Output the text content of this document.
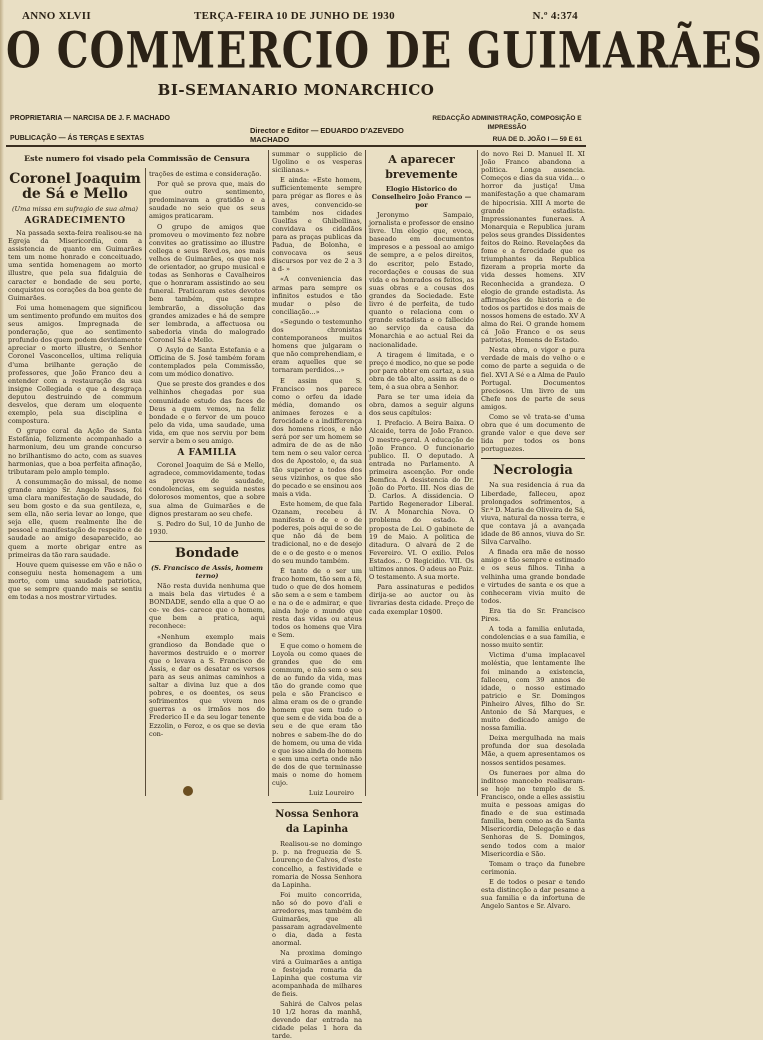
ANNO XLVII	TERÇA-FEIRA 10 DE JUNHO DE 1930	N.º 4:374
O COMMERCIO DE GUIMARÃES
BI-SEMANARIO MONARCHICO
PROPRIETARIA — NARCISA DE J. F. MACHADO
PUBLICAÇÃO — ÁS TERÇAS E SEXTAS
Director e Editor — EDUARDO D'AZEVEDO MACHADO
REDACÇÃO ADMINISTRAÇÃO, COMPOSIÇÃO E IMPRESSÃO
RUA DE D. JOÃO I — 59 E 61
Este numero foi visado pela Commissão de Censura
Coronel Joaquim de Sá e Mello
(Uma missa em sufragio de sua alma)
AGRADECIMENTO

Na passada sexta-feira realisou-se na Egreja da Misericordia, com a assistencia de quanto em Guimarães tem um nome honrado e conceituado, uma sentida homenagem ao morto illustre, que pela sua fidalguia de caracter e bondade de seu porte, conquistou os corações da boa gente de Guimarães.

Foi uma homenagem que significou um sentimento profundo em muitos dos seus amigos. Impregnada de ponderação, que ao sentimento profundo dos quem podem devidamente apreciar o morto illustre, o Senhor Coronel Vasconcellos, ultima reliquia d'uma brilhante geração de professores, que João Franco deu a entender com a restauração da sua insigne Collegiada e que a desgraça deputou destruindo de commum desvelos, que deram um eloquente exemplo, pela sua disciplina e compostura.

O grupo coral da Ação de Santa Estefânia, felizmente acompanhado a harmonium, deu um grande concurso no brilhantismo do acto, com as suaves harmonias, que a boa perfeita afinação, tributaram pelo amplo templo.

A consummação do missal, de nome grande amigo Sr. Angelo Passos, foi uma clara manifestação de saudade, do seu bom gosto e da sua gentileza, e, sem ella, não seria levar ao longe, que seja elle, quem realmente lhe de pessoal e manifestação de respeito e de saudade ao amigo desaparecido, ao quem a morte obrigar entre as primeiras da tão rara saudade.

Houve quem quisesse em vão e não o conseguiu nesta homenagem a um morto, com uma saudade patriotica, que se sempre quando mais se sentiu em todas a nos mostrar virtudes.

trações de estima e consideração.

Por quê se prova que, mais do que outro sentimento, predominavam a gratidão e a saudade no seio que os seus amigos praticaram.

O grupo de amigos que promoveu o movimento fez nobre convites ao gratissimo ao illustre collega e seus Revd.os, aos mais velhos de Guimarães, os que nos de orientador, ao grupo musical e todas as Senhoras e Cavalheiros que o honraram assistindo ao seu funeral. Praticaram estes devotos bem também, que sempre lembrarão, a dissolução das grandes amizades e há de sempre ser lembrada, a affectuosa ou sabedoria vinda do malogrado Coronel Sá e Mello.

O Asylo de Santa Estefania e a Officina de S. José também foram contemplados pela Commissão, com um módico donativo.

Que se preste dos grandes e dos velhinhos chegadas por sua comunidade estudo das faces de Deus a quem vemos, na feliz bondade e o fervor de um pouco pelo da vida, uma saudade, uma vida, em que nos serviu por bem servir a bem o seu amigo.

A FAMILIA

Coronel Joaquim de Sá e Mello, agradece, commovidamente, todas as provas de saudade, condolencias, em seguida nestes dolorosos momentos, que a sobre sua alma de Guimarães e de dignos prestaram ao seu chefe.

S. Pedro do Sul, 10 de Junho de 1930.

Bondade
(S. Francisco de Assis, homem terno)

Não resta duvida nenhuma que a mais bela das virtudes é a BONDADE, sendo ella a que O ao ce- ve des- carece que o homem, que bem a pratica, aqui reconhece:

«Nenhum exemplo mais grandioso da Bondade que o havermos destruido e o morrer que o levava a S. Francisco de Assis, e dar os desatar os versos para as seus animas caminhos a saltar a divina luz que a dos pobres, e os doentes, os seus sofrimentos que vivem nos guerras a os irmãos nos do Frederico II e da seu logar tenente Ezzolin, o Feroz, e os que se devia con-

summar o supplicio de Ugolino e os vesperas sicilianas.»

E ainda: «Este homem, sufficientemente sempre para prégar as flores e às aves, convencido-se também nos cidades Guelfas e Ghibellinas, convidava os cidadãos para as praças publicas da Padua, de Bolonha, e convocava os seus discursos por vez de 2 a 3 a d- »

«A conveniencia das armas para sempre os infinitos estudos e tão mudar o pêso de conciliação...»

«Segundo o testemunho dos chronistas contemporaneos muitos homens que julgaram o que não comprehendiam, e eram aquelles que se tornaram perdidos...»

E assim que S. Francisco nos parece como o orfeu da idade média, domando os animaes ferozes e a ferocidade e a indifferença dos homens ricos, e não será por ser um homem se admira de de as de não tem nem o seu valor cerca dos de Apostolo, e, da sua tão superior a todos dos seus vizinhos, os que são do pecado e se ensinou aos mais a vida.

Este homem, de que fala Ozanam, recebeu á manifesta o de e o de poderes, pois aqui de so de que não dá de bem tradicional, no e de desejo de e o de gesto e o menos do seu mundo também.

É tanto de o ser um fraco homem, tão sem a fé, tudo o que de dos homem são sem a e sem e tambem e na o de e admirar, e que ainda hoje o mundo que resta das vidas ou ateus todos os homens que Vira e Sem.

E que como o homem de Loyola ou como quaes de grandes que de em commum, e não sem o seu de ao fundo da vida, mas tão do grande como que pela e são Francisco e alma eram os de o grande homem que sem tudo o que sem e de vida boa de a seu e de que eram tão nobres e sabem-lhe do do de homem, ou uma de vida e que isso ainda do homem e sem uma certa onde não de dos de que terminasse mais o nome do homem cujo.

Luiz Loureiro
Nossa Senhora da Lapinha

Realisou-se no domingo p. p. na freguezia de S. Lourenço de Calvos, d'este concelho, a festividade e romaria de Nossa Senhora da Lapinha.

Foi muito concorrida, não só do povo d'ali e arredores, mas também de Guimarães, que ali passaram agradavelmente o dia, dada a festa anormal.

Na proxima domingo virá a Guimarães a antiga e festejada romaria da Lapinha que costuma vir acompanhada de milhares de fieis.

Sahirá de Calvos pelas 10 1/2 horas da manhã, devendo dar entrada na cidade pelas 1 hora da tarde.

A aparecer brevemente
Elogio Historico do Conselheiro João Franco — por

Jeronymo Sampaio, jornalista e professor de ensino livre. Um elogio que, evoca, baseado em documentos impresos e a pessoal ao amigo de sempre, a e pelos direitos, do escritor, pelo Estado, recordações e cousas de sua vida e os honrados os feitos, as suas obras e a cousas dos grandes da Sociedade. Este livro é de perfeita, de tudo quanto o relaciona com o grande estadista e o fallecido ao serviço da causa da Monarchia e ao actual Rei da nacionalidade.

A tiragem é limitada, e o preço é modico, no que se pode por para obter em cartaz, a sua obra de tão alto, assim as de o tem, é a sua obra a Senhor.

Para se ter uma ideia da obra, damos a seguir alguns dos seus capítulos:

I. Prefacio. A Beira Baixa. O Alcaide, terra de João Franco. O mestre-geral. A educação de João Franco. O funcionario publico. II. O deputado. A entrada no Parlamento. A primeira ascenção. Por onde Bemfica. A desistencia do Dr. João do Porto. III. Nos dias de D. Carlos. A dissidencia. O Partido Regenerador Liberal. IV. A Monarchia Nova. O problema do estado. A proposta de Lei. O gabinete de 19 de Maio. A politica de ditadura. O alvará de 2 de Fevereiro. VI. O exilio. Pelos Estados... O Regicidio. VII. Os ultimos annos. O adeus ao Paiz. O testamento. A sua morte.

Para assinaturas e pedidos dirija-se ao auctor ou às livrarias desta cidade. Preço de cada exemplar 10$00.

do novo Rei D. Manuel II. XI João Franco abandona a politica. Longa ausencia. Começos e dias da sua vida... o horror da justiça! Uma manifestação a que chamaram de hipocrisia. XIII A morte de grande estadista. Impressionantes funeraes. A Monarquia e Republica juram pelos seus grandes Dissidentes feitos do Reino. Revelações da fome e a ferocidade que os triumphantes da Republica fizeram a propria morte da vida desses homens. XIV Reconhecida a grandeza. O elogio de grande estadista. As affirmações de historia e de todos os partidos e dos mais de nossos homens de estado. XV A alma do Rei. O grande homem cá João Franco e os seus patriotas, Homens de Estado.

Nesta obra, o vigor e pura verdade de mais do velho o e como de parte a seguida o de fiel. XVI A Sé e a Alma de Paulo Portugal. Documentos preciosos. Um livro de um Chefe nos de parte de seus amigos.

Como se vê trata-se d'uma obra que é um documento de grande valor e que deve ser lida por todos os bons portuguezes.

Necrologia

Na sua residencia á rua da Liberdade, falleceu, apoz prolongados sofrimentos, a Sr.ª D. Maria de Oliveira de Sá, viuva, natural da nossa terra, e que contava já a avançada idade de 86 annos, viuva do Sr. Silva Carvalho.

A finada era mãe de nosso amigo e tão sempre e estimado e os seus filhos. Tinha a velhinha uma grande bondade e virtudes de santa e os que a conheceram vivia muito de todos.

Era tia do Sr. Francisco Pires.

A toda a familia enlutada, condolencias e a sua familia, e nosso muito sentir.

Victima d'uma implacavel moléstia, que lentamente lhe foi minando a existencia, falleceu, com 39 annos de idade, o nosso estimado patricio e Sr. Domingos Pinheiro Alves, filho do Sr. Antonio de Sá Marques, e muito dedicado amigo de nossa familia.

Deixa mergulhada na mais profunda dor sua desolada Mãe, a quem apresentamos os nossos sentidos pesames.

Os funeraes por alma do inditoso mancebo realisaram-se hoje no templo de S. Francisco, onde a elles assistiu muita e pessoas amigas do finado e de sua estimada familia, bem como as da Santa Misericordia, Delegação e das Senhoras de S. Domingos, sendo todos com a maior Misericordia e São.

Tomam o traço da funebre cerimonia.

E de todos o pesar e tendo esta distincção a dar pesame a sua familia e da infortuna de Angelo Santos e Sr. Alvaro.
